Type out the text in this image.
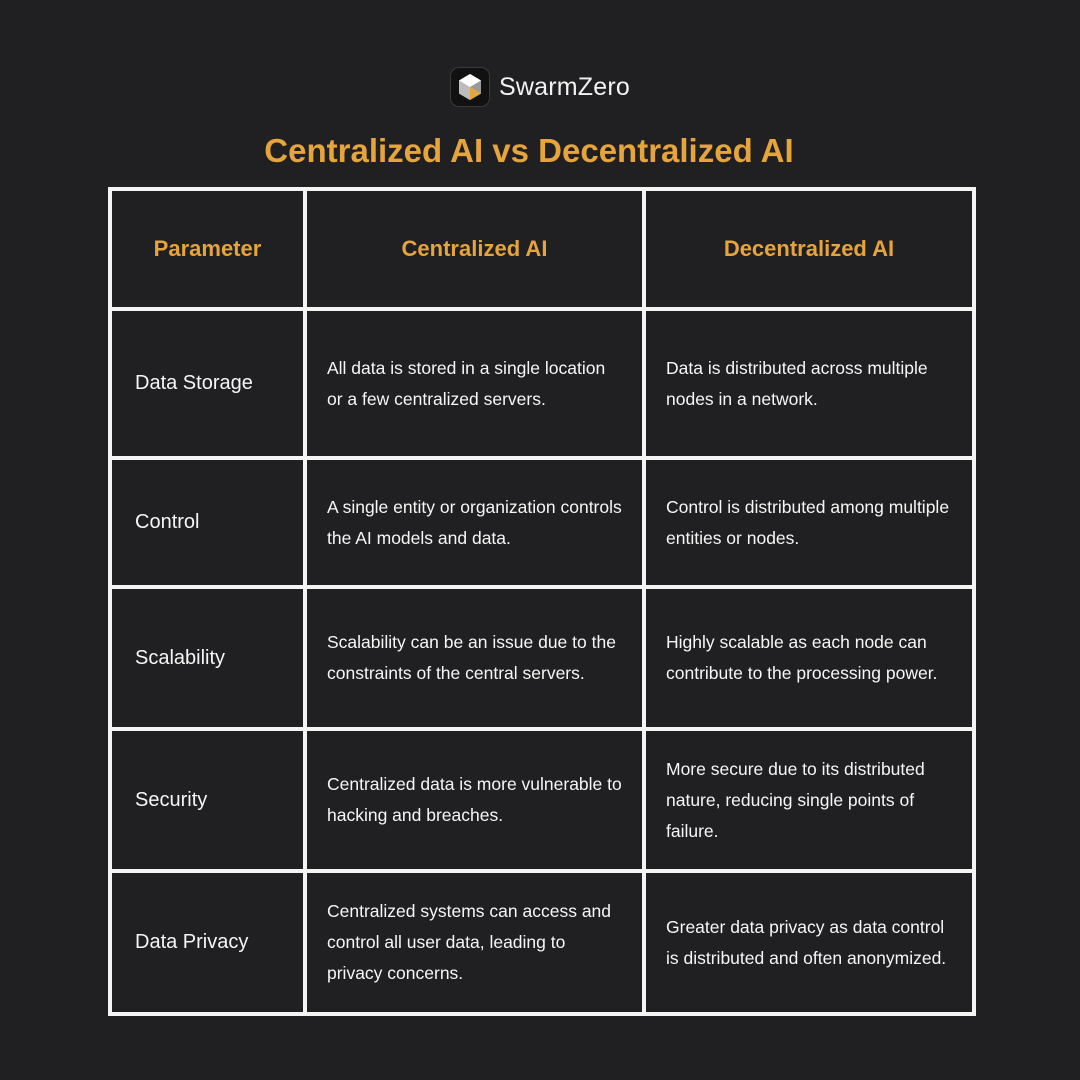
SwarmZero
Centralized AI vs Decentralized AI
Parameter	Centralized AI	Decentralized AI
Data Storage	All data is stored in a single location or a few centralized servers.	Data is distributed across multiple nodes in a network.
Control	A single entity or organization controls the AI models and data.	Control is distributed among multiple entities or nodes.
Scalability	Scalability can be an issue due to the constraints of the central servers.	Highly scalable as each node can contribute to the processing power.
Security	Centralized data is more vulnerable to hacking and breaches.	More secure due to its distributed nature, reducing single points of failure.
Data Privacy	Centralized systems can access and control all user data, leading to privacy concerns.	Greater data privacy as data control is distributed and often anonymized.
